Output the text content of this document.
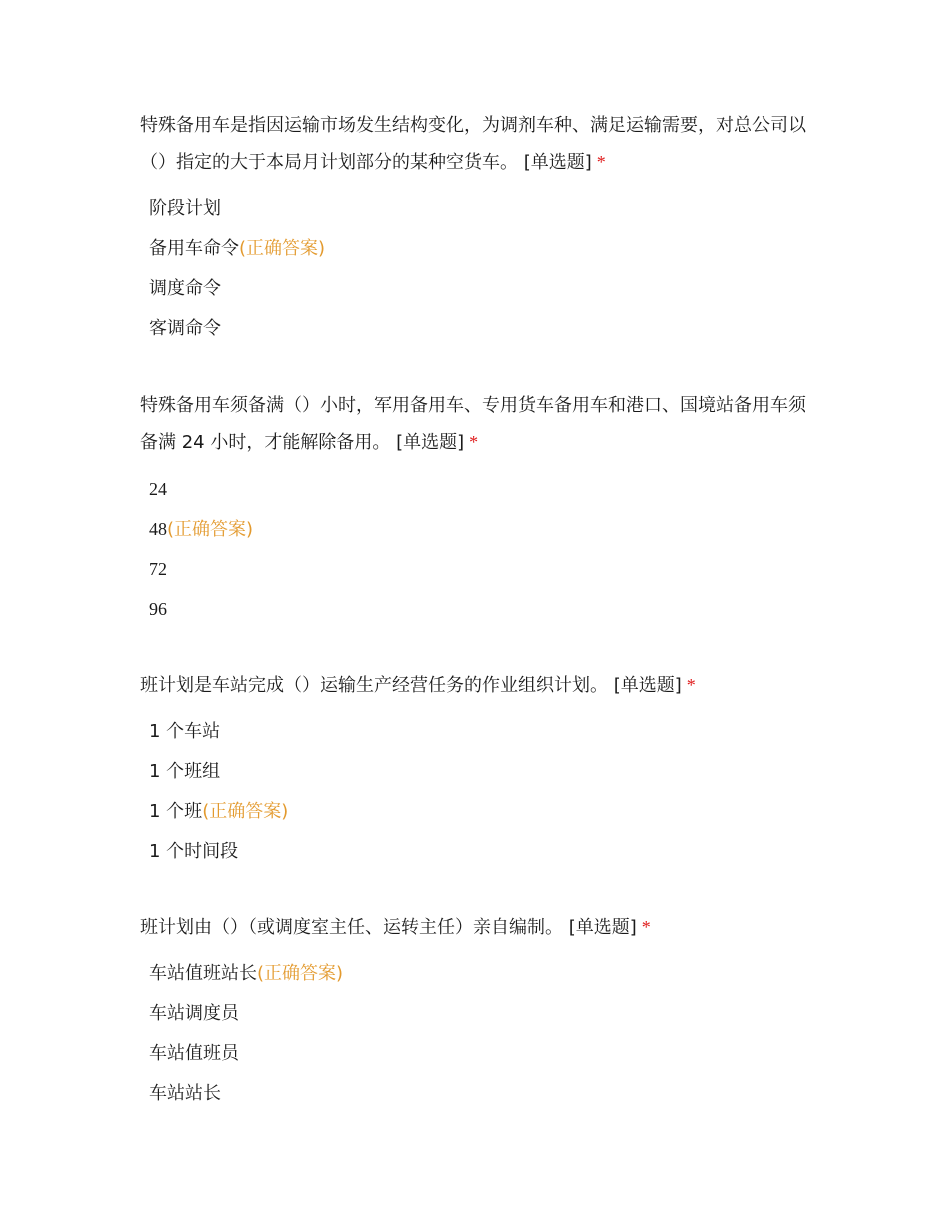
特殊备用车是指因运输市场发生结构变化，为调剂车种、满足运输需要，对总公司以（）指定的大于本局月计划部分的某种空货车。 [单选题] *

阶段计划
备用车命令(正确答案)
调度命令
客调命令

特殊备用车须备满（）小时，军用备用车、专用货车备用车和港口、国境站备用车须备满 24 小时，才能解除备用。 [单选题] *

24
48(正确答案)
72
96

班计划是车站完成（）运输生产经营任务的作业组织计划。 [单选题] *

1 个车站
1 个班组
1 个班(正确答案)
1 个时间段

班计划由（）（或调度室主任、运转主任）亲自编制。 [单选题] *

车站值班站长(正确答案)
车站调度员
车站值班员
车站站长
